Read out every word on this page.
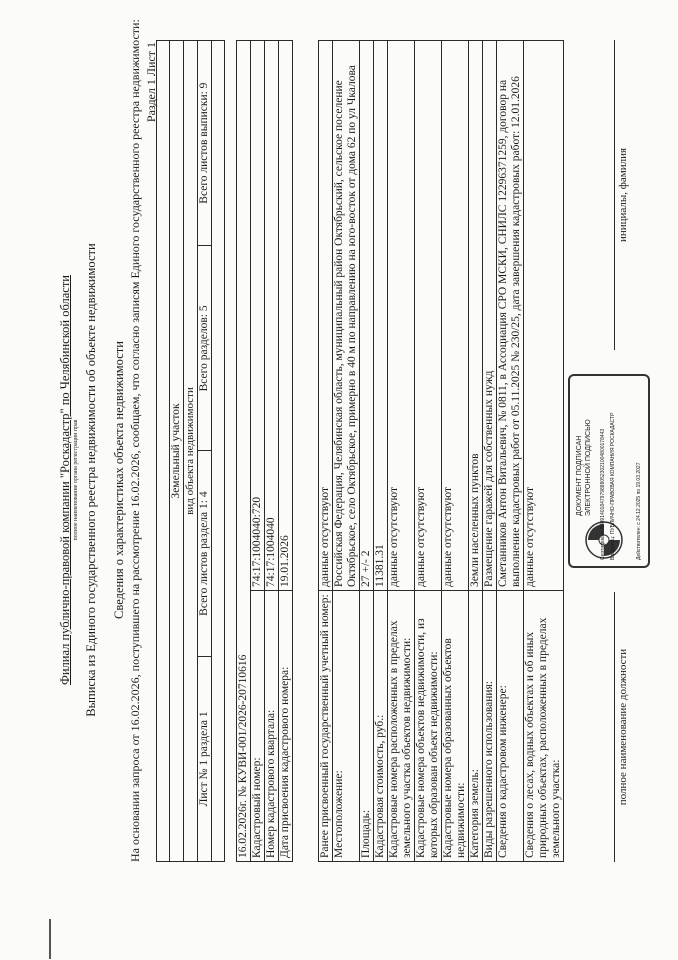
Филиал публично-правовой компании "Роскадастр" по Челябинской области полное наименование органа регистрации прав Выписка из Единого государственного реестра недвижимости об объекте недвижимости Сведения о характеристиках объекта недвижимости На основании запроса от 16.02.2026, поступившего на рассмотрение 16.02.2026, сообщаем, что согласно записям Единого государственного реестра недвижимости: Раздел 1 Лист 1

Земельный участок
вид объекта недвижимости
Лист № 1 раздела 1	Всего листов раздела 1: 4	Всего разделов: 5	Всего листов выписки: 9

16.02.2026г. № КУВИ-001/2026-20710616	
Кадастровый номер:	74:17:1004040:720
Номер кадастрового квартала:	74:17:1004040
Дата присвоения кадастрового номера:	19.01.2026
Ранее присвоенный государственный учетный номер:	данные отсутствуют
Местоположение:	Российская Федерация, Челябинская область, муниципальный район Октябрьский, сельское поселение Октябрьское, село Октябрьское, примерно в 40 м по направлению на юго-восток от дома 62 по ул Чкалова
Площадь:	27 +/- 2
Кадастровая стоимость, руб.:	11381.31
Кадастровые номера расположенных в пределах земельного участка объектов недвижимости:	данные отсутствуют
Кадастровые номера объектов недвижимости, из которых образован объект недвижимости:	данные отсутствуют
Кадастровые номера образованных объектов недвижимости:	данные отсутствуют
Категория земель:	Земли населенных пунктов
Виды разрешенного использования:	Размещение гаражей для собственных нужд
Сведения о кадастровом инженере:	Сметанников Антон Витальевич, № 0811, в Ассоциация СРО МСКИ, СНИЛС 12296371259, договор на выполнение кадастровых работ от 05.11.2025 № 230/25, дата завершения кадастровых работ: 12.01.2026
Сведения о лесах, водных объектах и об иных природных объектах, расположенных в пределах земельного участка:	данные отсутствуют
полное наименование должности
инициалы, фамилия
ДОКУМЕНТ ПОДПИСАН ЭЛЕКТРОННОЙ ПОДПИСЬЮ Сертификат: 630914018479798880523021004800178443 Владелец: ПУБЛИЧНО-ПРАВОВАЯ КОМПАНИЯ РОСКАДАСТР	Действителен: с 24.12.2025 по 19.03.2027
